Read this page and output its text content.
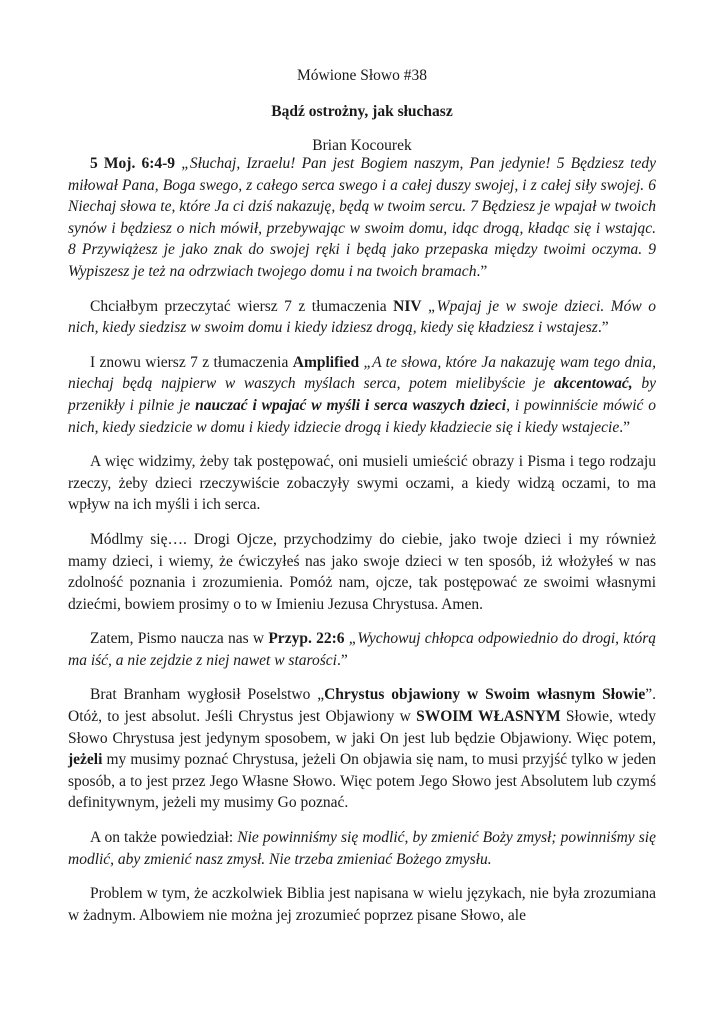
Mówione Słowo #38
Bądź ostrożny, jak słuchasz
Brian Kocourek

5 Moj. 6:4-9 „Słuchaj, Izraelu! Pan jest Bogiem naszym, Pan jedynie! 5 Będziesz tedy miłował Pana, Boga swego, z całego serca swego i a całej duszy swojej, i z całej siły swojej. 6 Niechaj słowa te, które Ja ci dziś nakazuję, będą w twoim sercu. 7 Będziesz je wpajał w twoich synów i będziesz o nich mówił, przebywając w swoim domu, idąc drogą, kładąc się i wstając. 8 Przywiążesz je jako znak do swojej ręki i będą jako przepaska między twoimi oczyma. 9 Wypiszesz je też na odrzwiach twojego domu i na twoich bramach.”

Chciałbym przeczytać wiersz 7 z tłumaczenia NIV „Wpajaj je w swoje dzieci. Mów o nich, kiedy siedzisz w swoim domu i kiedy idziesz drogą, kiedy się kładziesz i wstajesz.”

I znowu wiersz 7 z tłumaczenia Amplified „A te słowa, które Ja nakazuję wam tego dnia, niechaj będą najpierw w waszych myślach serca, potem mielibyście je akcentować, by przenikły i pilnie je nauczać i wpajać w myśli i serca waszych dzieci, i powinniście mówić o nich, kiedy siedzicie w domu i kiedy idziecie drogą i kiedy kładziecie się i kiedy wstajecie.”

A więc widzimy, żeby tak postępować, oni musieli umieścić obrazy i Pisma i tego rodzaju rzeczy, żeby dzieci rzeczywiście zobaczyły swymi oczami, a kiedy widzą oczami, to ma wpływ na ich myśli i ich serca.

Módlmy się…. Drogi Ojcze, przychodzimy do ciebie, jako twoje dzieci i my również mamy dzieci, i wiemy, że ćwiczyłeś nas jako swoje dzieci w ten sposób, iż włożyłeś w nas zdolność poznania i zrozumienia. Pomóż nam, ojcze, tak postępować ze swoimi własnymi dziećmi, bowiem prosimy o to w Imieniu Jezusa Chrystusa. Amen.

Zatem, Pismo naucza nas w Przyp. 22:6 „Wychowuj chłopca odpowiednio do drogi, którą ma iść, a nie zejdzie z niej nawet w starości.”

Brat Branham wygłosił Poselstwo „Chrystus objawiony w Swoim własnym Słowie”. Otóż, to jest absolut. Jeśli Chrystus jest Objawiony w SWOIM WŁASNYM Słowie, wtedy Słowo Chrystusa jest jedynym sposobem, w jaki On jest lub będzie Objawiony. Więc potem, jeżeli my musimy poznać Chrystusa, jeżeli On objawia się nam, to musi przyjść tylko w jeden sposób, a to jest przez Jego Własne Słowo. Więc potem Jego Słowo jest Absolutem lub czymś definitywnym, jeżeli my musimy Go poznać.

A on także powiedział: Nie powinniśmy się modlić, by zmienić Boży zmysł; powinniśmy się modlić, aby zmienić nasz zmysł. Nie trzeba zmieniać Bożego zmysłu.

Problem w tym, że aczkolwiek Biblia jest napisana w wielu językach, nie była zrozumiana w żadnym. Albowiem nie można jej zrozumieć poprzez pisane Słowo, ale
